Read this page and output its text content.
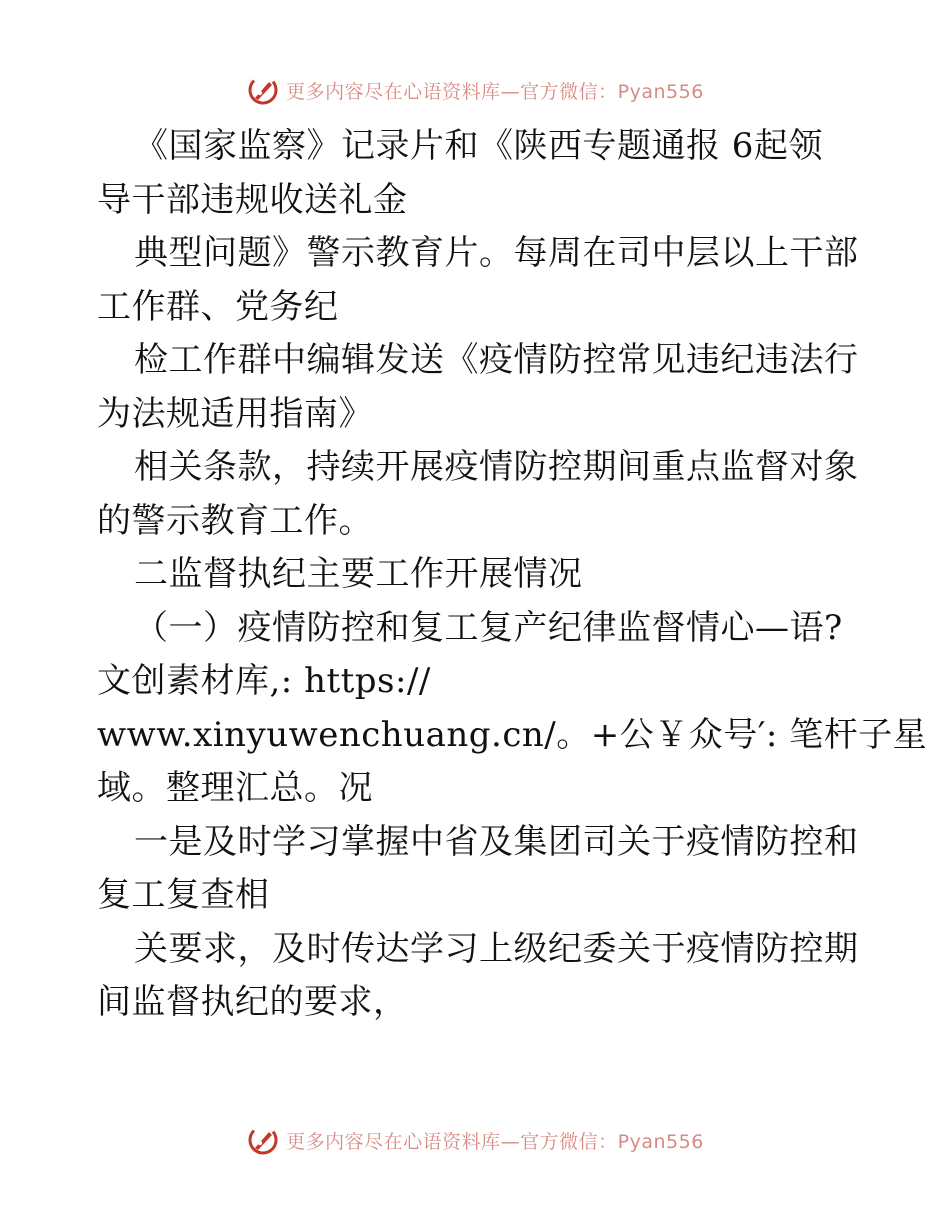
更多内容尽在心语资料库—官方微信：Pyan556
《国家监察》记录片和《陕西专题通报 6起领
导干部违规收送礼金
典型问题》警示教育片。每周在司中层以上干部
工作群、党务纪
检工作群中编辑发送《疫情防控常见违纪违法行
为法规适用指南》
相关条款，持续开展疫情防控期间重点监督对象
的警示教育工作。
二监督执纪主要工作开展情况
（一）疫情防控和复工复产纪律监督情心—语?
文创素材库,: https://
www.xinyuwenchuang.cn/。+公￥众号′: 笔杆子星
域。整理汇总。况
一是及时学习掌握中省及集团司关于疫情防控和
复工复查相
关要求，及时传达学习上级纪委关于疫情防控期
间监督执纪的要求，
更多内容尽在心语资料库—官方微信：Pyan556
